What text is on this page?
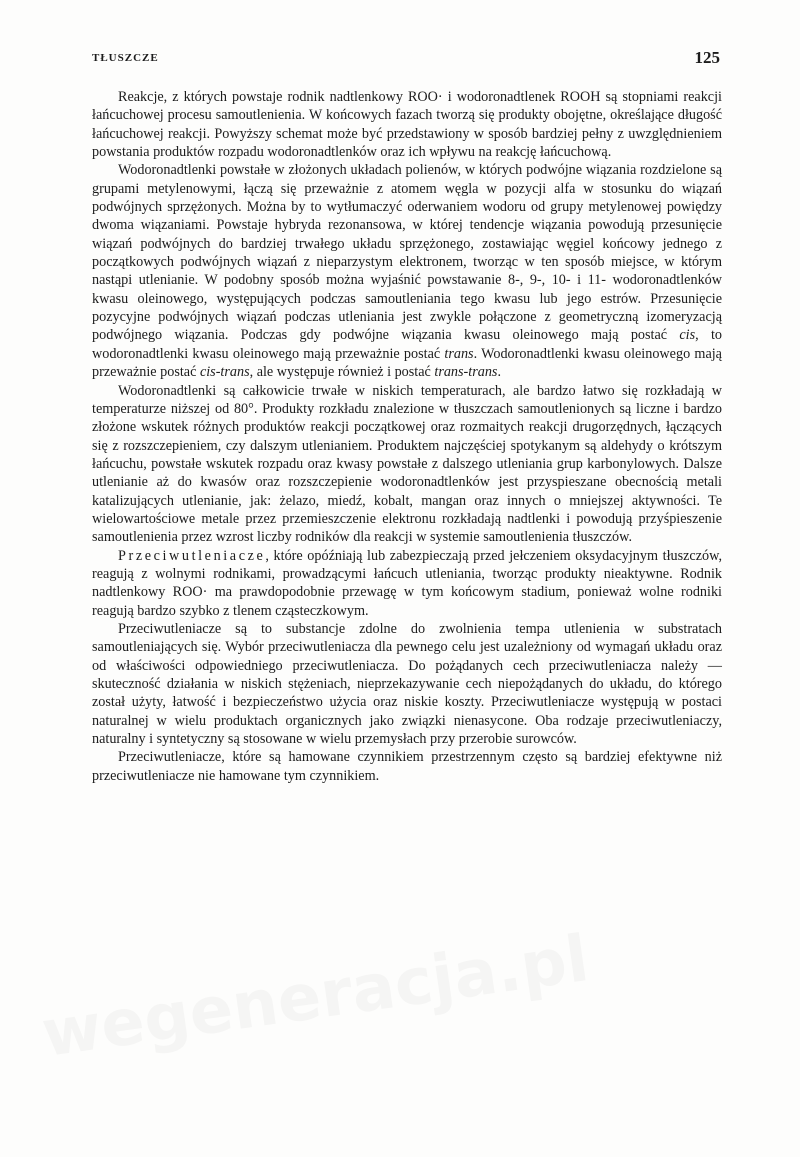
TŁUSZCZE	125

Reakcje, z których powstaje rodnik nadtlenkowy ROO· i wodoronadtlenek ROOH są stopniami reakcji łańcuchowej procesu samoutlenienia. W końcowych fazach tworzą się produkty obojętne, określające długość łańcuchowej reakcji. Powyższy schemat może być przedstawiony w sposób bardziej pełny z uwzględnieniem powstania produktów rozpadu wodoronadtlenków oraz ich wpływu na reakcję łańcuchową.

Wodoronadtlenki powstałe w złożonych układach polienów, w których podwójne wiązania rozdzielone są grupami metylenowymi, łączą się przeważnie z atomem węgla w pozycji alfa w stosunku do wiązań podwójnych sprzężonych. Można by to wytłumaczyć oderwaniem wodoru od grupy metylenowej powiędzy dwoma wiązaniami. Powstaje hybryda rezonansowa, w której tendencje wiązania powodują przesunięcie wiązań podwójnych do bardziej trwałego układu sprzężonego, zostawiając węgiel końcowy jednego z początkowych podwójnych wiązań z nieparzystym elektronem, tworząc w ten sposób miejsce, w którym nastąpi utlenianie. W podobny sposób można wyjaśnić powstawanie 8-, 9-, 10- i 11- wodoronadtlenków kwasu oleinowego, występujących podczas samoutleniania tego kwasu lub jego estrów. Przesunięcie pozycyjne podwójnych wiązań podczas utleniania jest zwykle połączone z geometryczną izomeryzacją podwójnego wiązania. Podczas gdy podwójne wiązania kwasu oleinowego mają postać cis, to wodoronadtlenki kwasu oleinowego mają przeważnie postać trans. Wodoronadtlenki kwasu oleinowego mają przeważnie postać cis-trans, ale występuje również i postać trans-trans.

Wodoronadtlenki są całkowicie trwałe w niskich temperaturach, ale bardzo łatwo się rozkładają w temperaturze niższej od 80°. Produkty rozkładu znalezione w tłuszczach samoutlenionych są liczne i bardzo złożone wskutek różnych produktów reakcji początkowej oraz rozmaitych reakcji drugorzędnych, łączących się z rozszczepieniem, czy dalszym utlenianiem. Produktem najczęściej spotykanym są aldehydy o krótszym łańcuchu, powstałe wskutek rozpadu oraz kwasy powstałe z dalszego utleniania grup karbonylowych. Dalsze utlenianie aż do kwasów oraz rozszczepienie wodoronadtlenków jest przyspieszane obecnością metali katalizujących utlenianie, jak: żelazo, miedź, kobalt, mangan oraz innych o mniejszej aktywności. Te wielowartościowe metale przez przemieszczenie elektronu rozkładają nadtlenki i powodują przyśpieszenie samoutlenienia przez wzrost liczby rodników dla reakcji w systemie samoutlenienia tłuszczów.

Przeciwutleniacze, które opóźniają lub zabezpieczają przed jełczeniem oksydacyjnym tłuszczów, reagują z wolnymi rodnikami, prowadzącymi łańcuch utleniania, tworząc produkty nieaktywne. Rodnik nadtlenkowy ROO· ma prawdopodobnie przewagę w tym końcowym stadium, ponieważ wolne rodniki reagują bardzo szybko z tlenem cząsteczkowym.

Przeciwutleniacze są to substancje zdolne do zwolnienia tempa utlenienia w substratach samoutleniających się. Wybór przeciwutleniacza dla pewnego celu jest uzależniony od wymagań układu oraz od właściwości odpowiedniego przeciwutleniacza. Do pożądanych cech przeciwutleniacza należy — skuteczność działania w niskich stężeniach, nieprzekazywanie cech niepożądanych do układu, do którego został użyty, łatwość i bezpieczeństwo użycia oraz niskie koszty. Przeciwutleniacze występują w postaci naturalnej w wielu produktach organicznych jako związki nienasycone. Oba rodzaje przeciwutleniaczy, naturalny i syntetyczny są stosowane w wielu przemysłach przy przerobie surowców.

Przeciwutleniacze, które są hamowane czynnikiem przestrzennym często są bardziej efektywne niż przeciwutleniacze nie hamowane tym czynnikiem.

wegeneracja.pl
